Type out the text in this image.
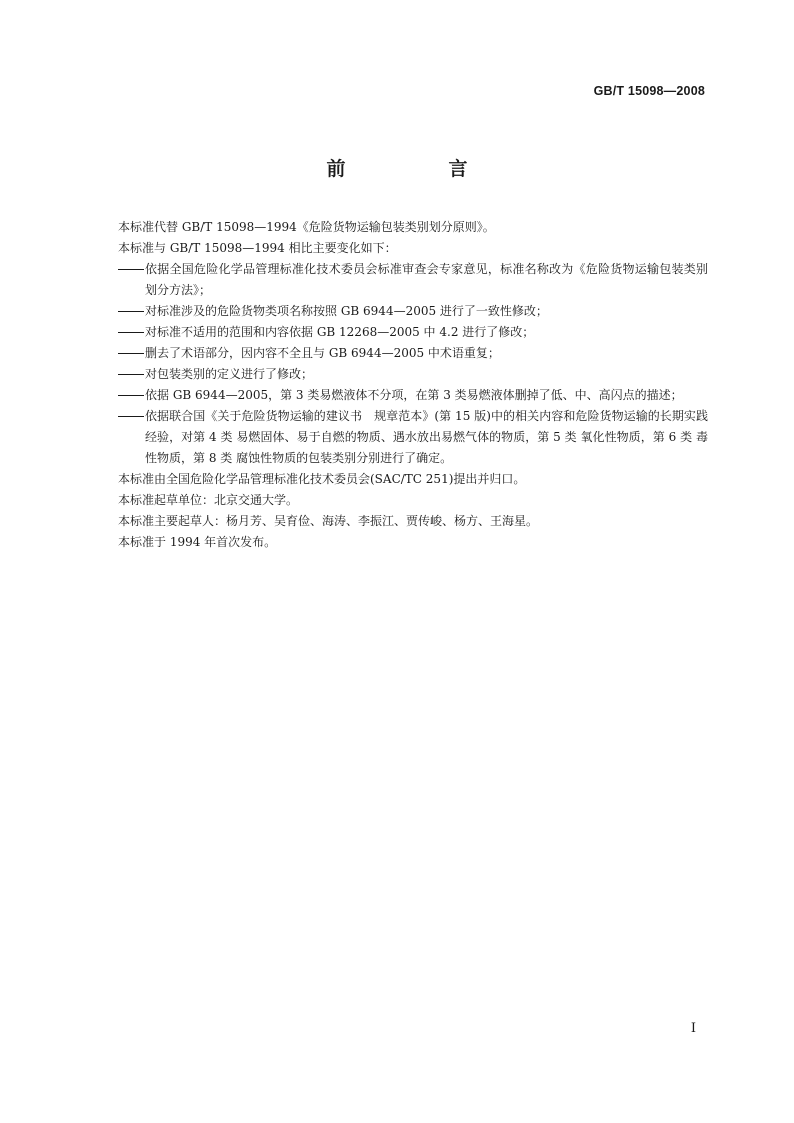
GB/T 15098—2008
前　言

本标准代替 GB/T 15098—1994《危险货物运输包装类别划分原则》。

本标准与 GB/T 15098—1994 相比主要变化如下：

依据全国危险化学品管理标准化技术委员会标准审查会专家意见，标准名称改为《危险货物运输包装类别划分方法》；
对标准涉及的危险货物类项名称按照 GB 6944—2005 进行了一致性修改；
对标准不适用的范围和内容依据 GB 12268—2005 中 4.2 进行了修改；
删去了术语部分，因内容不全且与 GB 6944—2005 中术语重复；
对包装类别的定义进行了修改；
依据 GB 6944—2005，第 3 类易燃液体不分项，在第 3 类易燃液体删掉了低、中、高闪点的描述；
依据联合国《关于危险货物运输的建议书　规章范本》(第 15 版)中的相关内容和危险货物运输的长期实践经验，对第 4 类 易燃固体、易于自燃的物质、遇水放出易燃气体的物质，第 5 类 氧化性物质，第 6 类 毒性物质，第 8 类 腐蚀性物质的包装类别分别进行了确定。

本标准由全国危险化学品管理标准化技术委员会(SAC/TC 251)提出并归口。

本标准起草单位：北京交通大学。

本标准主要起草人：杨月芳、吴育俭、海涛、李振江、贾传峻、杨方、王海星。

本标准于 1994 年首次发布。

I
